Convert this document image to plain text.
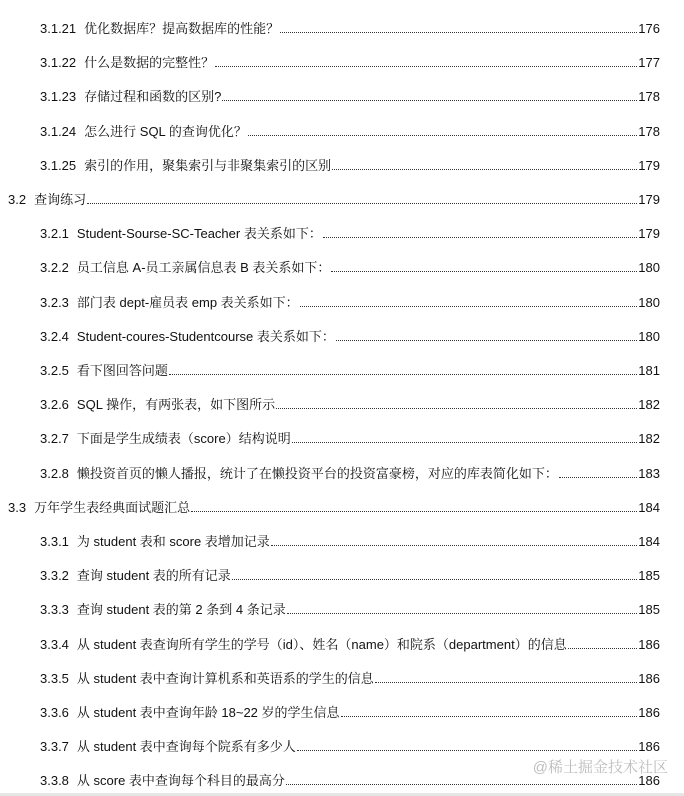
3.1.21 优化数据库？提高数据库的性能？	176
3.1.22 什么是数据的完整性？	177
3.1.23 存储过程和函数的区别?	178
3.1.24 怎么进行 SQL 的查询优化？	178
3.1.25 索引的作用，聚集索引与非聚集索引的区别	179
3.2 查询练习	179
3.2.1 Student-Sourse-SC-Teacher 表关系如下：	179
3.2.2 员工信息 A-员工亲属信息表 B 表关系如下：	180
3.2.3 部门表 dept-雇员表 emp 表关系如下：	180
3.2.4 Student-coures-Studentcourse 表关系如下：	180
3.2.5 看下图回答问题	181
3.2.6 SQL 操作，有两张表，如下图所示	182
3.2.7 下面是学生成绩表（score）结构说明	182
3.2.8 懒投资首页的懒人播报，统计了在懒投资平台的投资富豪榜，对应的库表简化如下：	183
3.3 万年学生表经典面试题汇总	184
3.3.1 为 student 表和 score 表增加记录	184
3.3.2 查询 student 表的所有记录	185
3.3.3 查询 student 表的第 2 条到 4 条记录	185
3.3.4 从 student 表查询所有学生的学号（id）、姓名（name）和院系（department）的信息	186
3.3.5 从 student 表中查询计算机系和英语系的学生的信息	186
3.3.6 从 student 表中查询年龄 18~22 岁的学生信息	186
3.3.7 从 student 表中查询每个院系有多少人	186
3.3.8 从 score 表中查询每个科目的最高分	186
@稀土掘金技术社区
